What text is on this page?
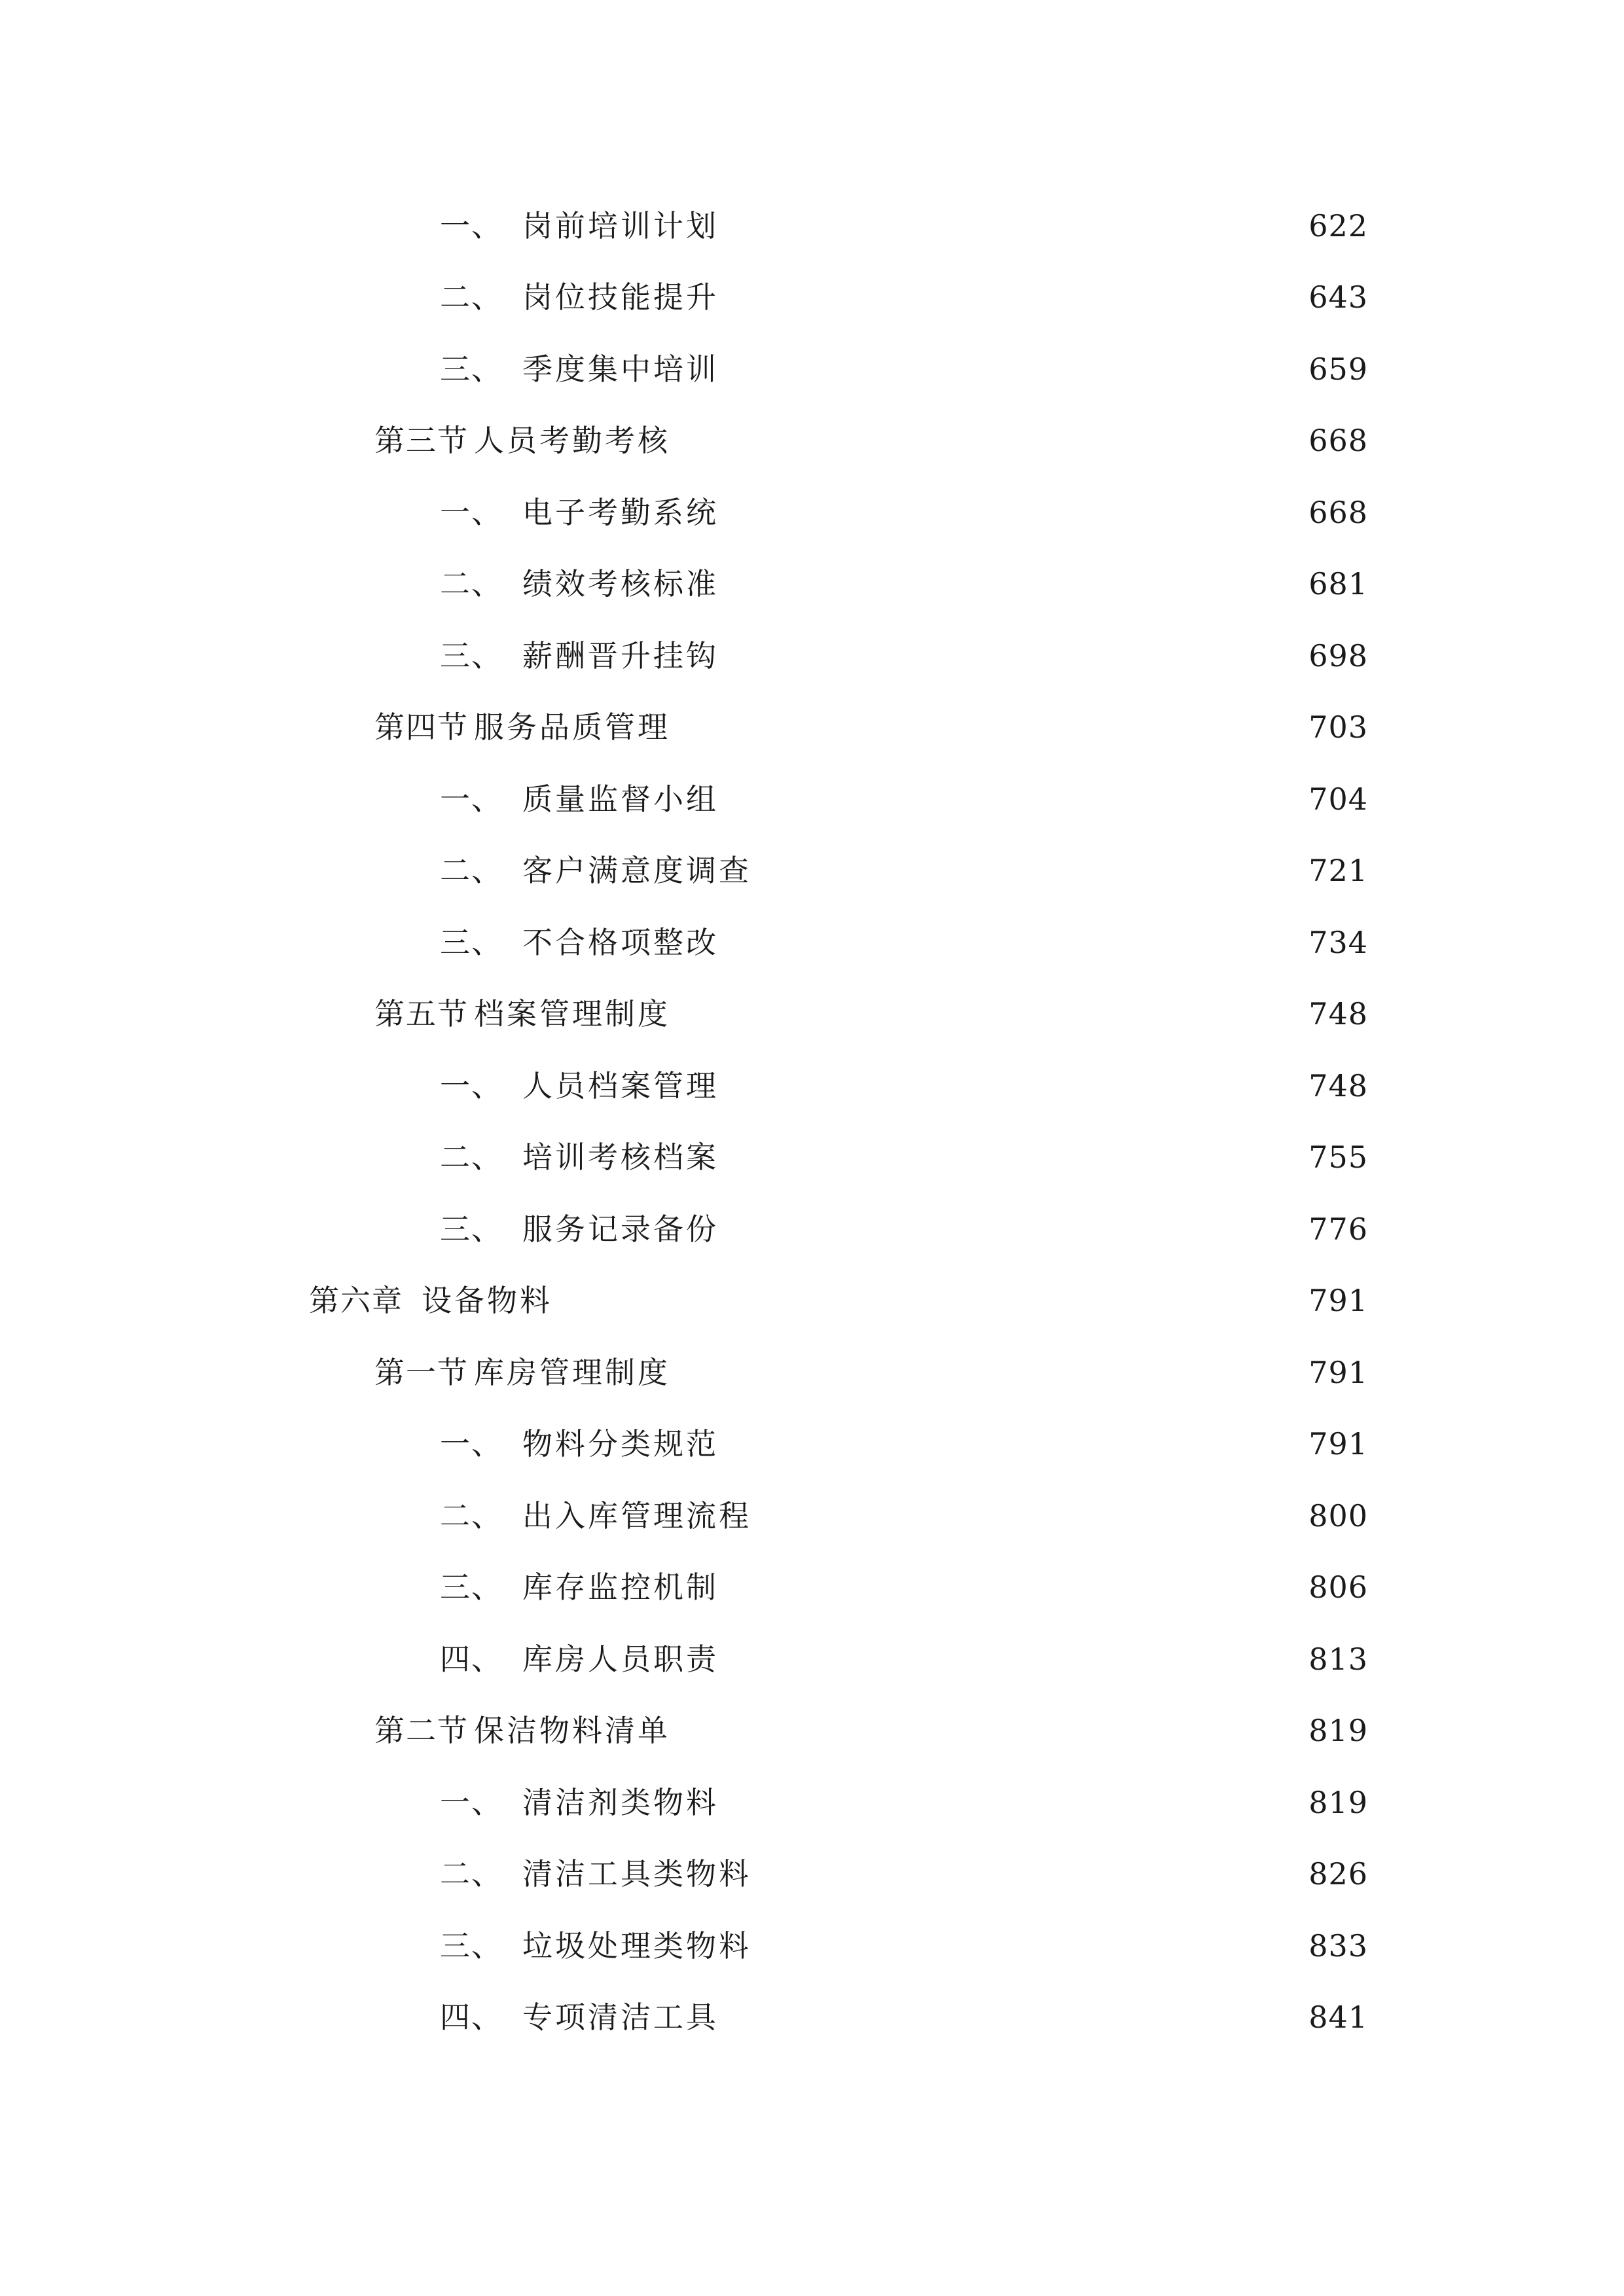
一、 岗前培训计划	622
二、 岗位技能提升	643
三、 季度集中培训	659
第三节 人员考勤考核	668
一、 电子考勤系统	668
二、 绩效考核标准	681
三、 薪酬晋升挂钩	698
第四节 服务品质管理	703
一、 质量监督小组	704
二、 客户满意度调查	721
三、 不合格项整改	734
第五节 档案管理制度	748
一、 人员档案管理	748
二、 培训考核档案	755
三、 服务记录备份	776
第六章 设备物料	791
第一节 库房管理制度	791
一、 物料分类规范	791
二、 出入库管理流程	800
三、 库存监控机制	806
四、 库房人员职责	813
第二节 保洁物料清单	819
一、 清洁剂类物料	819
二、 清洁工具类物料	826
三、 垃圾处理类物料	833
四、 专项清洁工具	841
